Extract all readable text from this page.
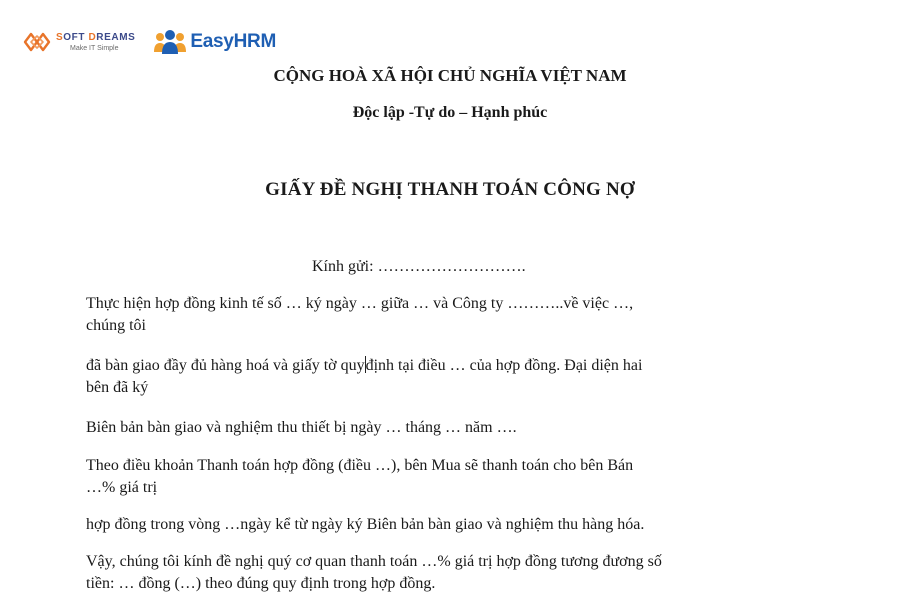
SOFT DREAMS
Make IT Simple	EasyHRM
CỘNG HOÀ XÃ HỘI CHỦ NGHĨA VIỆT NAM
Độc lập -Tự do – Hạnh phúc
GIẤY ĐỀ NGHỊ THANH TOÁN CÔNG NỢ
Kính gửi: ……………………….
Thực hiện hợp đồng kinh tế số … ký ngày … giữa … và Công ty ………..về việc …,
chúng tôi
đã bàn giao đầy đủ hàng hoá và giấy tờ quyđịnh tại điều … của hợp đồng. Đại diện hai
bên đã ký
Biên bản bàn giao và nghiệm thu thiết bị ngày … tháng … năm ….
Theo điều khoản Thanh toán hợp đồng (điều …), bên Mua sẽ thanh toán cho bên Bán
…% giá trị
hợp đồng trong vòng …ngày kể từ ngày ký Biên bản bàn giao và nghiệm thu hàng hóa.
Vậy, chúng tôi kính đề nghị quý cơ quan thanh toán …% giá trị hợp đồng tương đương số
tiền: … đồng (…) theo đúng quy định trong hợp đồng.
